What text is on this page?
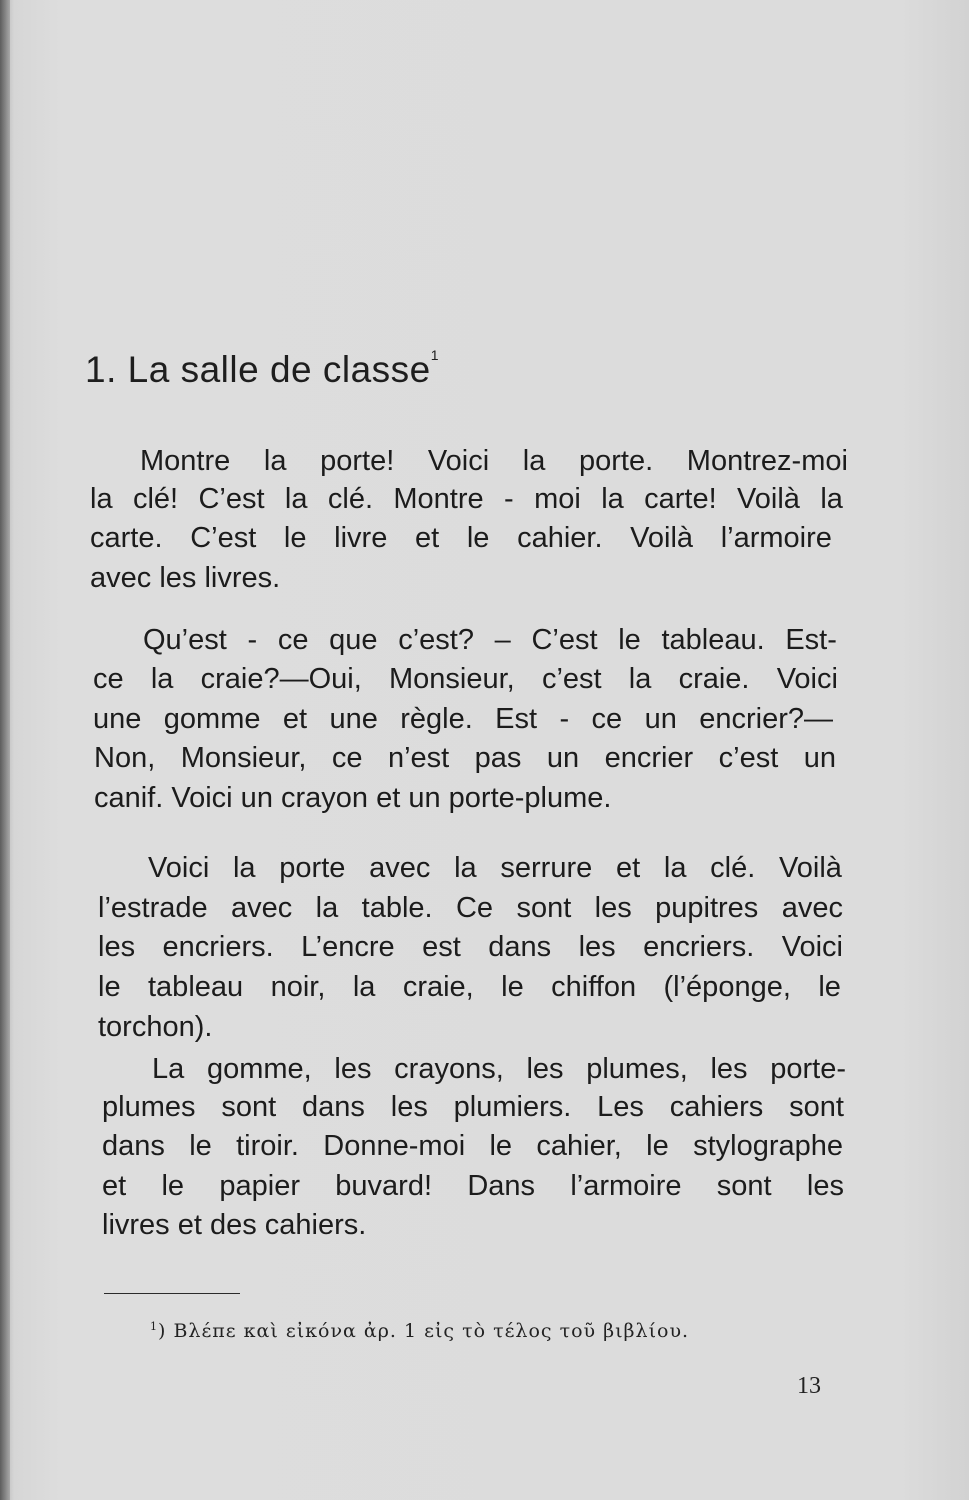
1. La salle de classe$^1$
Montre la porte! Voici la porte. Montrez-moi
la clé! C’est la clé. Montre - moi la carte! Voilà la
carte. C’est le livre et le cahier. Voilà l’armoire
avec les livres.
Qu’est - ce que c’est? – C’est le tableau. Est-
ce la craie?—Oui, Monsieur, c’est la craie. Voici
une gomme et une règle. Est - ce un encrier?—
Non, Monsieur, ce n’est pas un encrier c’est un
canif. Voici un crayon et un porte-plume.
Voici la porte avec la serrure et la clé. Voilà
l’estrade avec la table. Ce sont les pupitres avec
les encriers. L’encre est dans les encriers. Voici
le tableau noir, la craie, le chiffon (l’éponge, le
torchon).
La gomme, les crayons, les plumes, les porte-
plumes sont dans les plumiers. Les cahiers sont
dans le tiroir. Donne-moi le cahier, le stylographe
et le papier buvard! Dans l’armoire sont les
livres et des cahiers.
$^1$) Βλέπε καὶ εἰκόνα ἀρ. 1 εἰς τὸ τέλος τοῦ βιβλίου.
13
